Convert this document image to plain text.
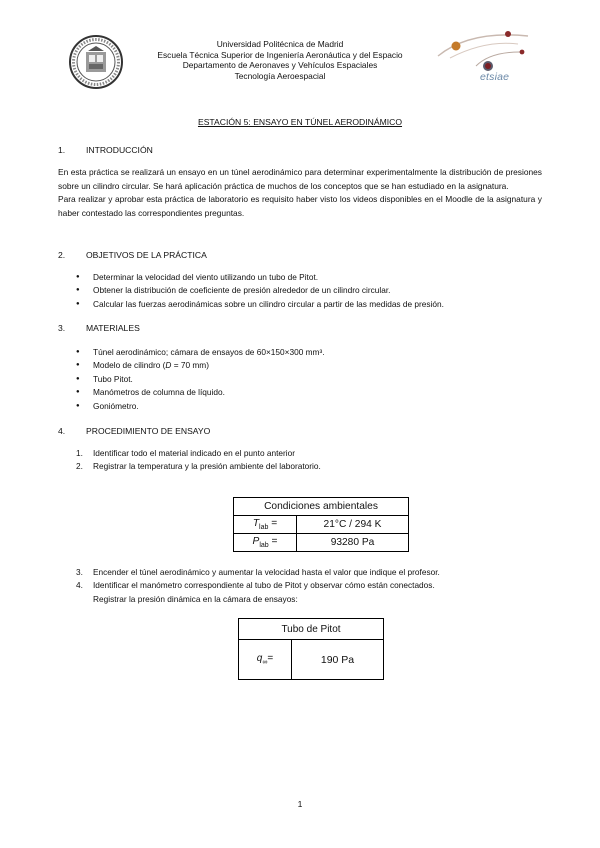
Universidad Politécnica de Madrid
Escuela Técnica Superior de Ingeniería Aeronáutica y del Espacio
Departamento de Aeronaves y Vehículos Espaciales
Tecnología Aeroespacial	etsiae
ESTACIÓN 5: ENSAYO EN TÚNEL AERODINÁMICO
1. INTRODUCCIÓN

En esta práctica se realizará un ensayo en un túnel aerodinámico para determinar experimentalmente la distribución de presiones sobre un cilindro circular. Se hará aplicación práctica de muchos de los conceptos que se han estudiado en la asignatura.

Para realizar y aprobar esta práctica de laboratorio es requisito haber visto los videos disponibles en el Moodle de la asignatura y haber contestado las correspondientes preguntas.

2. OBJETIVOS DE LA PRÁCTICA
● Determinar la velocidad del viento utilizando un tubo de Pitot.
● Obtener la distribución de coeficiente de presión alrededor de un cilindro circular.
● Calcular las fuerzas aerodinámicas sobre un cilindro circular a partir de las medidas de presión.
3. MATERIALES
● Túnel aerodinámico; cámara de ensayos de 60×150×300 mm³.
● Modelo de cilindro (D = 70 mm)
● Tubo Pitot.
● Manómetros de columna de líquido.
● Goniómetro.
4. PROCEDIMIENTO DE ENSAYO
1. Identificar todo el material indicado en el punto anterior
2. Registrar la temperatura y la presión ambiente del laboratorio.
Condiciones ambientales	
$T_{lab}$ =	21°C / 294 K
$P_{lab}$ =	93280 Pa
3. Encender el túnel aerodinámico y aumentar la velocidad hasta el valor que indique el profesor.
4. Identificar el manómetro correspondiente al tubo de Pitot y observar cómo están conectados.
Registrar la presión dinámica en la cámara de ensayos:
Tubo de Pitot
$q_\infty=$	190 Pa
1
